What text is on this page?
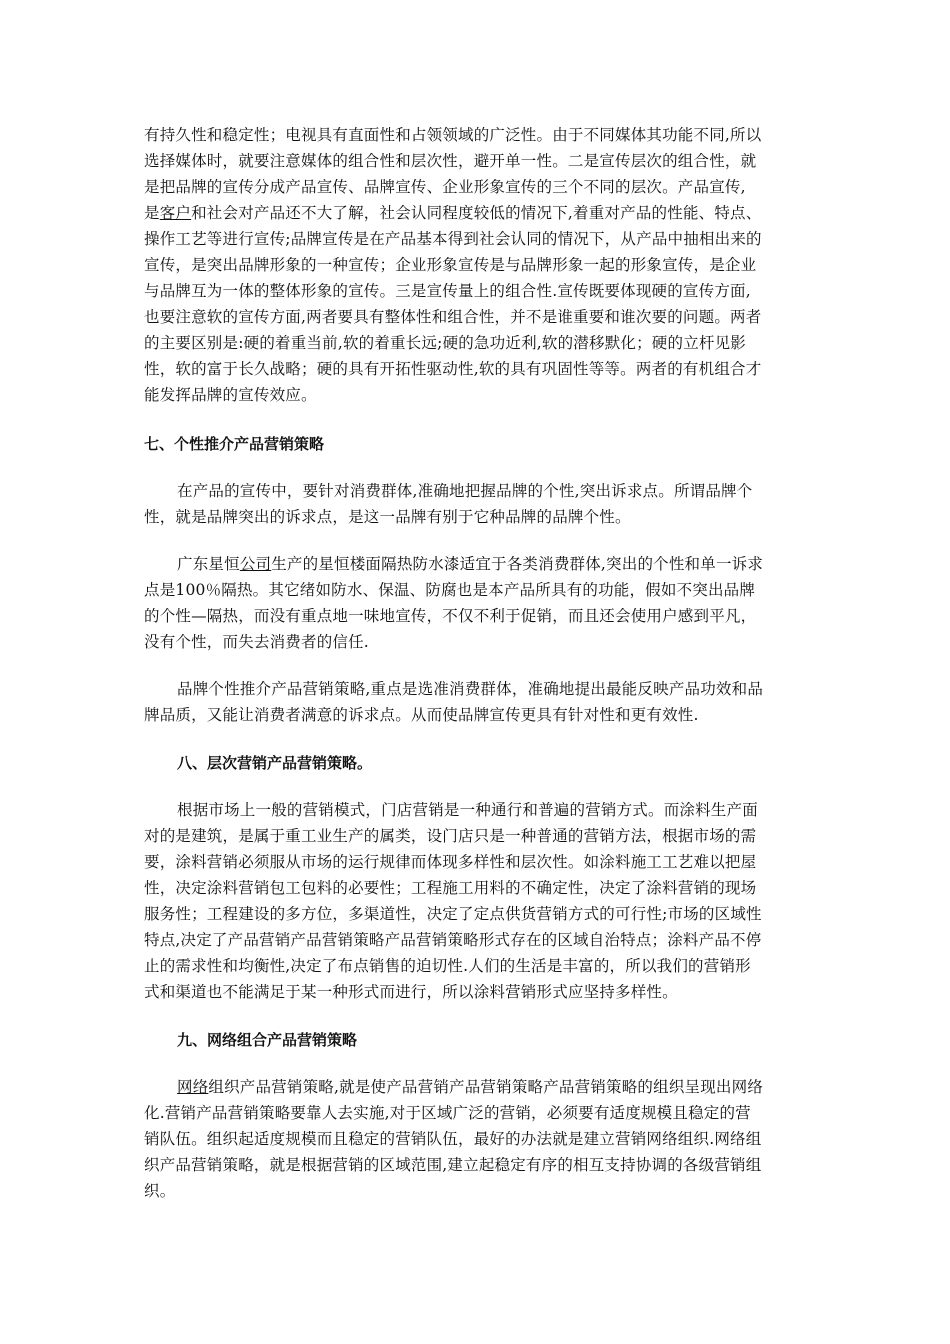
有持久性和稳定性；电视具有直面性和占领领域的广泛性。由于不同媒体其功能不同,所以
选择媒体时，就要注意媒体的组合性和层次性，避开单一性。二是宣传层次的组合性，就
是把品牌的宣传分成产品宣传、品牌宣传、企业形象宣传的三个不同的层次。产品宣传,
是客户和社会对产品还不大了解，社会认同程度较低的情况下,着重对产品的性能、特点、
操作工艺等进行宣传;品牌宣传是在产品基本得到社会认同的情况下，从产品中抽相出来的
宣传，是突出品牌形象的一种宣传；企业形象宣传是与品牌形象一起的形象宣传，是企业
与品牌互为一体的整体形象的宣传。三是宣传量上的组合性.宣传既要体现硬的宣传方面,
也要注意软的宣传方面,两者要具有整体性和组合性，并不是谁重要和谁次要的问题。两者
的主要区别是:硬的着重当前,软的着重长远;硬的急功近利,软的潜移默化；硬的立杆见影
性，软的富于长久战略；硬的具有开拓性驱动性,软的具有巩固性等等。两者的有机组合才
能发挥品牌的宣传效应。
七、个性推介产品营销策略
在产品的宣传中，要针对消费群体,准确地把握品牌的个性,突出诉求点。所谓品牌个
性，就是品牌突出的诉求点，是这一品牌有别于它种品牌的品牌个性。
广东星恒公司生产的星恒楼面隔热防水漆适宜于各类消费群体,突出的个性和单一诉求
点是100％隔热。其它绪如防水、保温、防腐也是本产品所具有的功能，假如不突出品牌
的个性—隔热，而没有重点地一味地宣传，不仅不利于促销，而且还会使用户感到平凡，
没有个性，而失去消费者的信任.
品牌个性推介产品营销策略,重点是选准消费群体，准确地提出最能反映产品功效和品
牌品质，又能让消费者满意的诉求点。从而使品牌宣传更具有针对性和更有效性.
八、层次营销产品营销策略。
根据市场上一般的营销模式，门店营销是一种通行和普遍的营销方式。而涂料生产面
对的是建筑，是属于重工业生产的属类，设门店只是一种普通的营销方法，根据市场的需
要，涂料营销必须服从市场的运行规律而体现多样性和层次性。如涂料施工工艺难以把屋
性，决定涂料营销包工包料的必要性；工程施工用料的不确定性，决定了涂料营销的现场
服务性；工程建设的多方位，多渠道性，决定了定点供货营销方式的可行性;市场的区域性
特点,决定了产品营销产品营销策略产品营销策略形式存在的区域自治特点；涂料产品不停
止的需求性和均衡性,决定了布点销售的迫切性.人们的生活是丰富的，所以我们的营销形
式和渠道也不能满足于某一种形式而进行，所以涂料营销形式应坚持多样性。
九、网络组合产品营销策略
网络组织产品营销策略,就是使产品营销产品营销策略产品营销策略的组织呈现出网络
化.营销产品营销策略要靠人去实施,对于区域广泛的营销，必须要有适度规模且稳定的营
销队伍。组织起适度规模而且稳定的营销队伍，最好的办法就是建立营销网络组织.网络组
织产品营销策略，就是根据营销的区域范围,建立起稳定有序的相互支持协调的各级营销组
织。
